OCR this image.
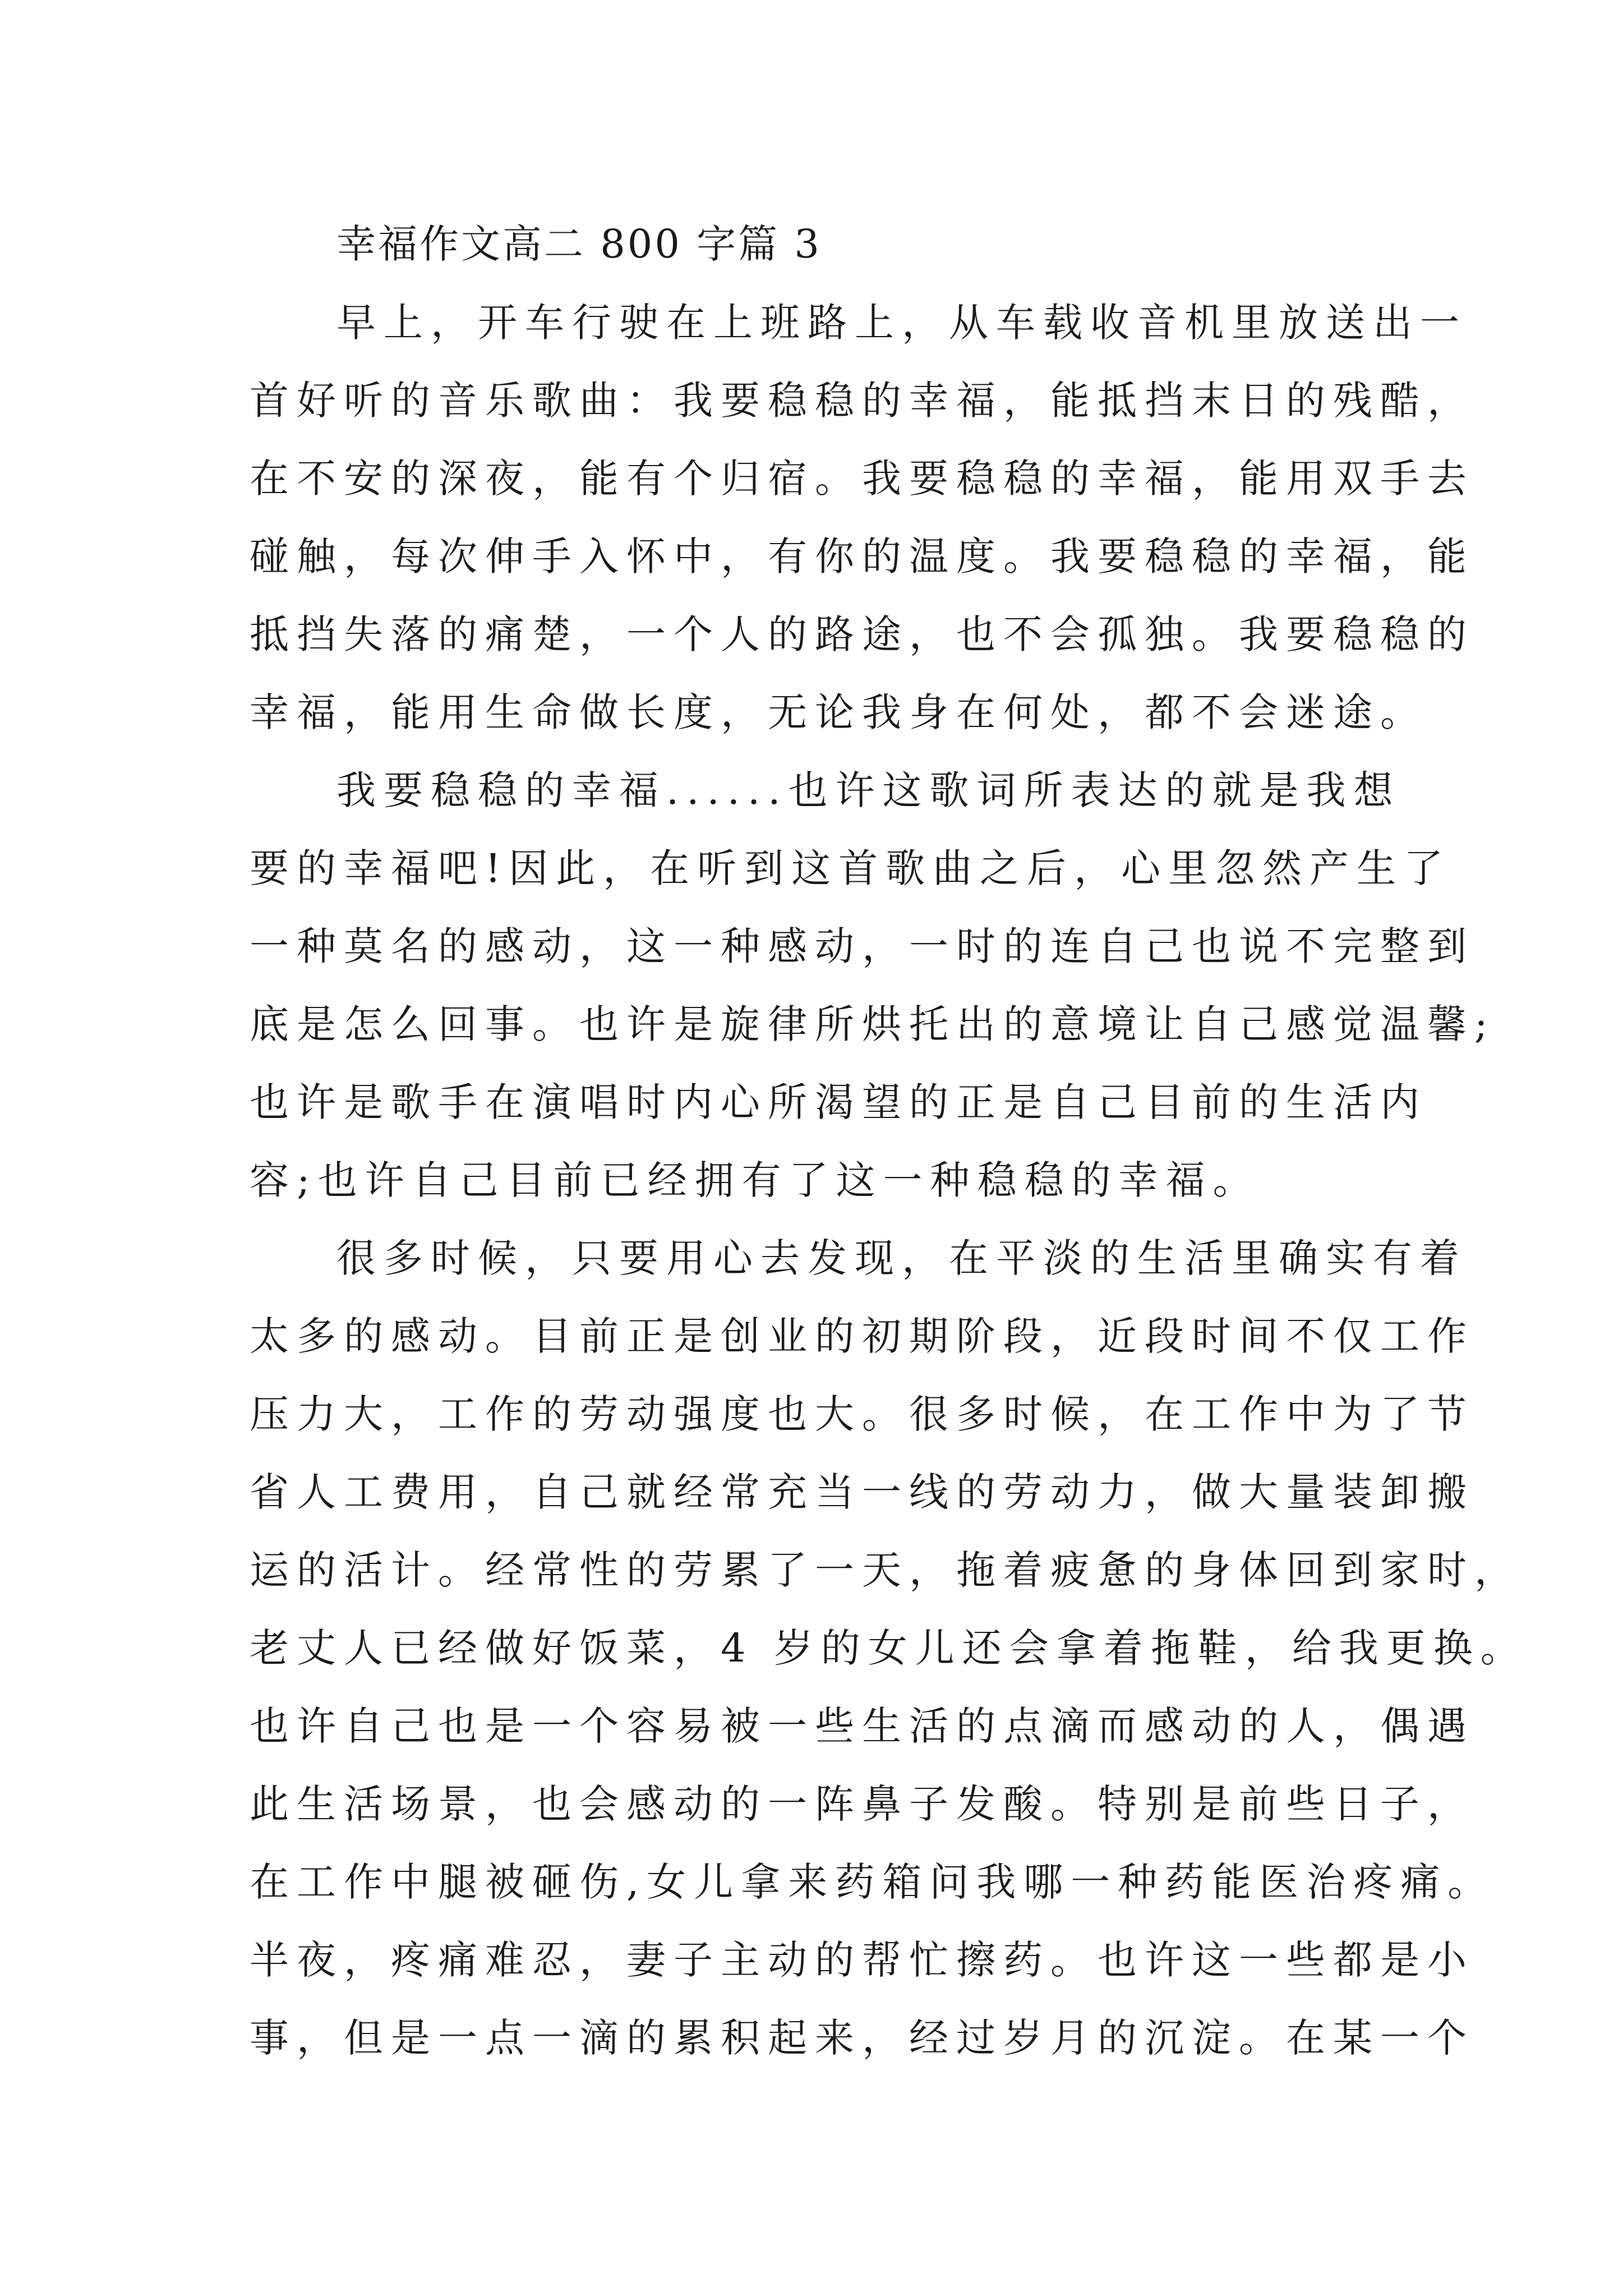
幸福作文高二 800 字篇 3
早上，开车行驶在上班路上，从车载收音机里放送出一
首好听的音乐歌曲：我要稳稳的幸福，能抵挡末日的残酷，
在不安的深夜，能有个归宿。我要稳稳的幸福，能用双手去
碰触，每次伸手入怀中，有你的温度。我要稳稳的幸福，能
抵挡失落的痛楚，一个人的路途，也不会孤独。我要稳稳的
幸福，能用生命做长度，无论我身在何处，都不会迷途。
我要稳稳的幸福......也许这歌词所表达的就是我想
要的幸福吧!因此，在听到这首歌曲之后，心里忽然产生了
一种莫名的感动，这一种感动，一时的连自己也说不完整到
底是怎么回事。也许是旋律所烘托出的意境让自己感觉温馨;
也许是歌手在演唱时内心所渴望的正是自己目前的生活内
容;也许自己目前已经拥有了这一种稳稳的幸福。
很多时候，只要用心去发现，在平淡的生活里确实有着
太多的感动。目前正是创业的初期阶段，近段时间不仅工作
压力大，工作的劳动强度也大。很多时候，在工作中为了节
省人工费用，自己就经常充当一线的劳动力，做大量装卸搬
运的活计。经常性的劳累了一天，拖着疲惫的身体回到家时，
老丈人已经做好饭菜，4 岁的女儿还会拿着拖鞋，给我更换。
也许自己也是一个容易被一些生活的点滴而感动的人，偶遇
此生活场景，也会感动的一阵鼻子发酸。特别是前些日子，
在工作中腿被砸伤,女儿拿来药箱问我哪一种药能医治疼痛。
半夜，疼痛难忍，妻子主动的帮忙擦药。也许这一些都是小
事，但是一点一滴的累积起来，经过岁月的沉淀。在某一个
